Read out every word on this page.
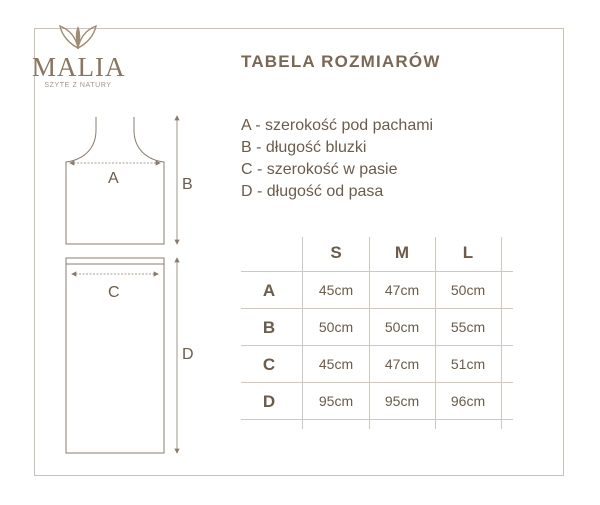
MALIA
SZYTE Z NATURY
TABELA ROZMIARÓW
A - szerokość pod pachami
B - długość bluzki
C - szerokość w pasie
D - długość od pasa
A	B
C
D
S	M	L
A	45cm	47cm	50cm
B	50cm	50cm	55cm
C	45cm	47cm	51cm
D	95cm	95cm	96cm
